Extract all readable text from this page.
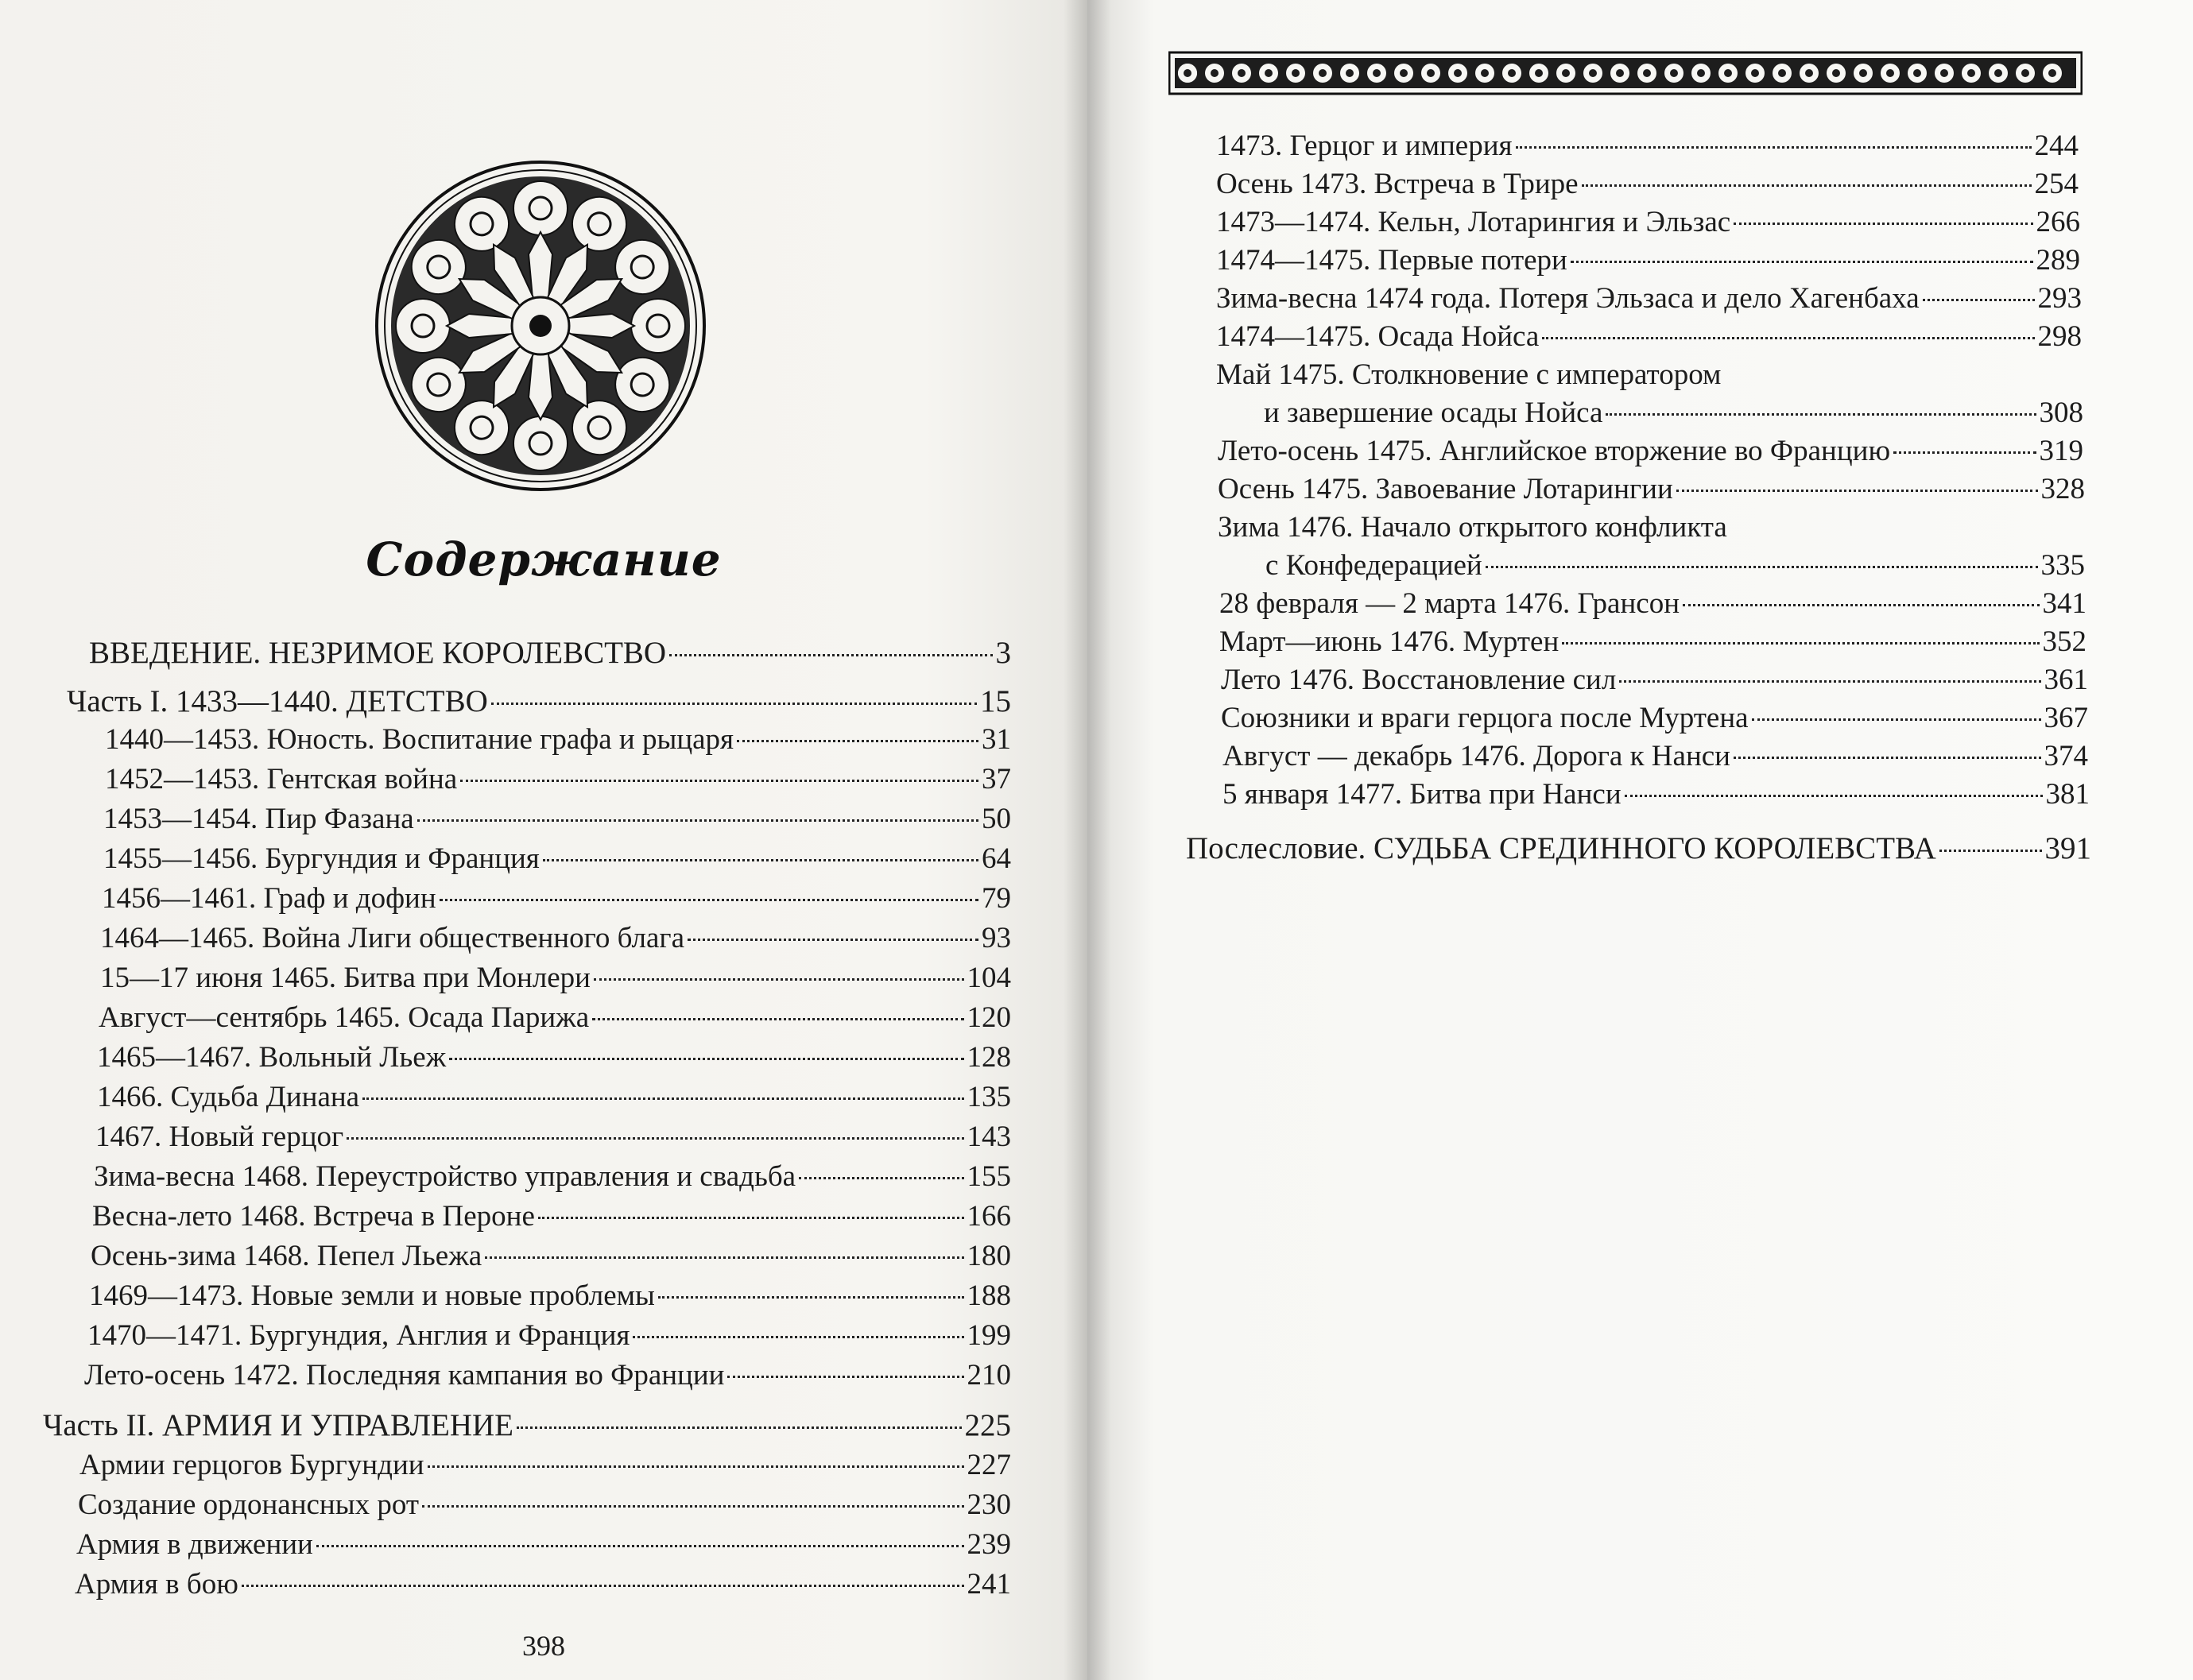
Содержание
ВВЕДЕНИЕ. НЕЗРИМОЕ КОРОЛЕВСТВО	3
Часть I. 1433—1440. ДЕТСТВО	15
1440—1453. Юность. Воспитание графа и рыцаря	31
1452—1453. Гентская война	37
1453—1454. Пир Фазана	50
1455—1456. Бургундия и Франция	64
1456—1461. Граф и дофин	79
1464—1465. Война Лиги общественного блага	93
15—17 июня 1465. Битва при Монлери	104
Август—сентябрь 1465. Осада Парижа	120
1465—1467. Вольный Льеж	128
1466. Судьба Динана	135
1467. Новый герцог	143
Зима-весна 1468. Переустройство управления и свадьба	155
Весна-лето 1468. Встреча в Пероне	166
Осень-зима 1468. Пепел Льежа	180
1469—1473. Новые земли и новые проблемы	188
1470—1471. Бургундия, Англия и Франция	199
Лето-осень 1472. Последняя кампания во Франции	210
Часть II. АРМИЯ И УПРАВЛЕНИЕ	225
Армии герцогов Бургундии	227
Создание ордонансных рот	230
Армия в движении	239
Армия в бою	241
398
1473. Герцог и империя	244
Осень 1473. Встреча в Трире	254
1473—1474. Кельн, Лотарингия и Эльзас	266
1474—1475. Первые потери	289
Зима-весна 1474 года. Потеря Эльзаса и дело Хагенбаха	293
1474—1475. Осада Нойса	298
Май 1475. Столкновение с императором
и завершение осады Нойса	308
Лето-осень 1475. Английское вторжение во Францию	319
Осень 1475. Завоевание Лотарингии	328
Зима 1476. Начало открытого конфликта
с Конфедерацией	335
28 февраля — 2 марта 1476. Грансон	341
Март—июнь 1476. Муртен	352
Лето 1476. Восстановление сил	361
Союзники и враги герцога после Муртена	367
Август — декабрь 1476. Дорога к Нанси	374
5 января 1477. Битва при Нанси	381
Послесловие. СУДЬБА СРЕДИННОГО КОРОЛЕВСТВА	391
